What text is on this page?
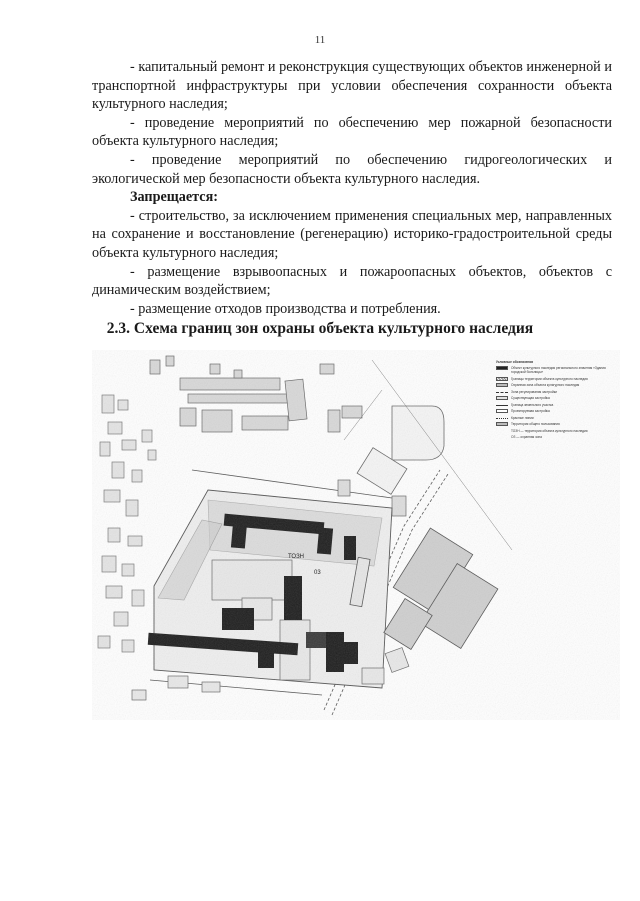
11

- капитальный ремонт и реконструкция существующих объектов инженерной и транспортной инфраструктуры при условии обеспечения сохранности объекта культурного наследия;

- проведение мероприятий по обеспечению мер пожарной безопасности объекта культурного наследия;

- проведение мероприятий по обеспечению гидрогеологических и экологической мер безопасности объекта культурного наследия.

Запрещается:

- строительство, за исключением применения специальных мер, направленных на сохранение и восстановление (регенерацию) историко-градостроительной среды объекта культурного наследия;

- размещение взрывоопасных и пожароопасных объектов, объектов с динамическим воздействием;

- размещение отходов производства и потребления.

2.3. Схема границ зон охраны объекта культурного наследия
Условные обозначения
Объект культурного наследия регионального значения «Здания городской больницы»
Границы территории объекта культурного наследия
Охранная зона объекта культурного наследия
Зона регулирования застройки
Существующая застройка
Граница земельного участка
Проектируемая застройка
Красные линии
Территория общего пользования
ТОЗН — территория объекта культурного наследия
ОЗ — охранная зона
